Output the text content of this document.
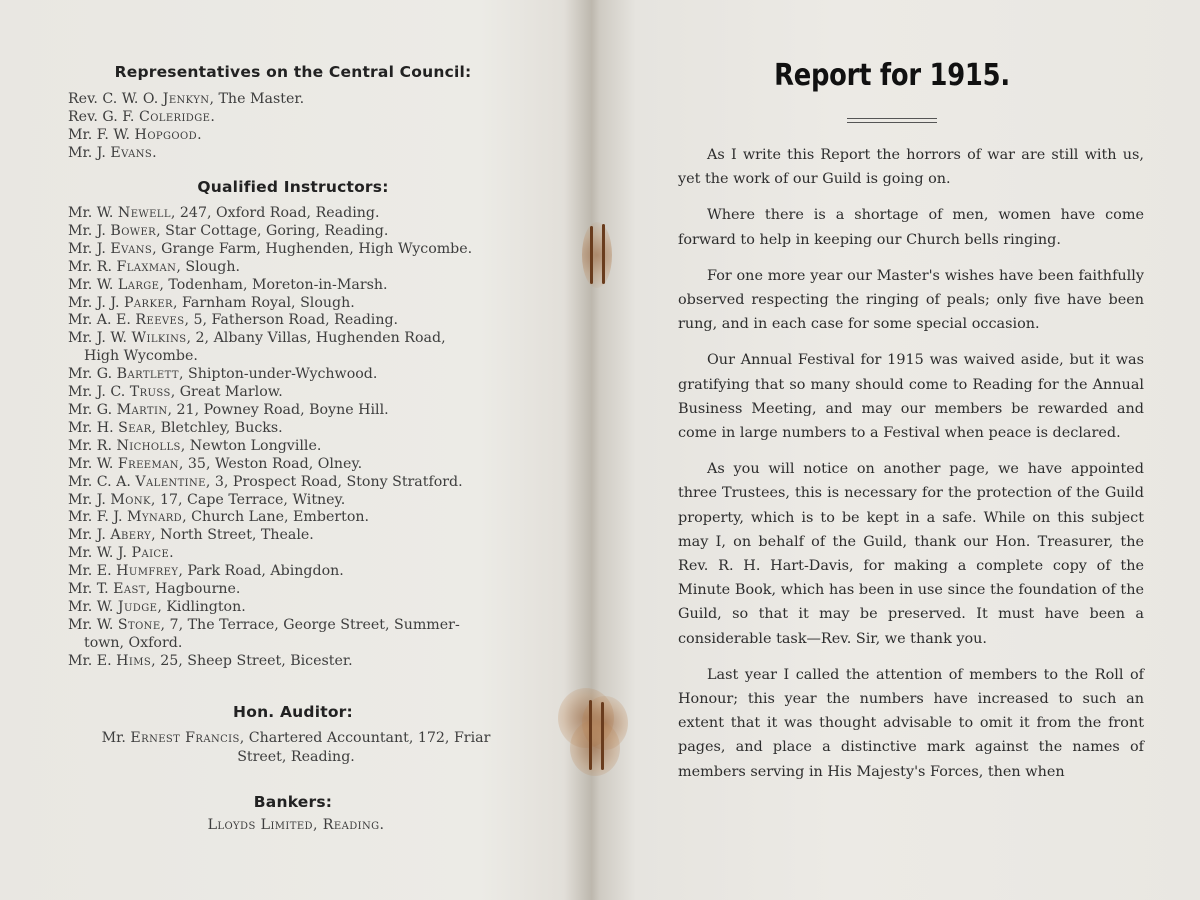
Representatives on the Central Council:
Rev. C. W. O. Jenkyn, The Master.
Rev. G. F. Coleridge.
Mr. F. W. Hopgood.
Mr. J. Evans.
Qualified Instructors:
Mr. W. Newell, 247, Oxford Road, Reading.
Mr. J. Bower, Star Cottage, Goring, Reading.
Mr. J. Evans, Grange Farm, Hughenden, High Wycombe.
Mr. R. Flaxman, Slough.
Mr. W. Large, Todenham, Moreton-in-Marsh.
Mr. J. J. Parker, Farnham Royal, Slough.
Mr. A. E. Reeves, 5, Fatherson Road, Reading.
Mr. J. W. Wilkins, 2, Albany Villas, Hughenden Road,
High Wycombe.
Mr. G. Bartlett, Shipton-under-Wychwood.
Mr. J. C. Truss, Great Marlow.
Mr. G. Martin, 21, Powney Road, Boyne Hill.
Mr. H. Sear, Bletchley, Bucks.
Mr. R. Nicholls, Newton Longville.
Mr. W. Freeman, 35, Weston Road, Olney.
Mr. C. A. Valentine, 3, Prospect Road, Stony Stratford.
Mr. J. Monk, 17, Cape Terrace, Witney.
Mr. F. J. Mynard, Church Lane, Emberton.
Mr. J. Abery, North Street, Theale.
Mr. W. J. Paice.
Mr. E. Humfrey, Park Road, Abingdon.
Mr. T. East, Hagbourne.
Mr. W. Judge, Kidlington.
Mr. W. Stone, 7, The Terrace, George Street, Summer-
town, Oxford.
Mr. E. Hims, 25, Sheep Street, Bicester.
Hon. Auditor:
Mr. Ernest Francis, Chartered Accountant, 172, Friar
Street, Reading.
Bankers:
Lloyds Limited, Reading.
Report for 1915.

As I write this Report the horrors of war are still with us, yet the work of our Guild is going on.

Where there is a shortage of men, women have come forward to help in keeping our Church bells ringing.

For one more year our Master's wishes have been faithfully observed respecting the ringing of peals; only five have been rung, and in each case for some special occasion.

Our Annual Festival for 1915 was waived aside, but it was gratifying that so many should come to Reading for the Annual Business Meeting, and may our members be rewarded and come in large numbers to a Festival when peace is declared.

As you will notice on another page, we have appointed three Trustees, this is necessary for the protection of the Guild property, which is to be kept in a safe. While on this subject may I, on behalf of the Guild, thank our Hon. Treasurer, the Rev. R. H. Hart-Davis, for making a complete copy of the Minute Book, which has been in use since the foundation of the Guild, so that it may be preserved. It must have been a considerable task—Rev. Sir, we thank you.

Last year I called the attention of members to the Roll of Honour; this year the numbers have increased to such an extent that it was thought advisable to omit it from the front pages, and place a distinctive mark against the names of members serving in His Majesty's Forces, then when
